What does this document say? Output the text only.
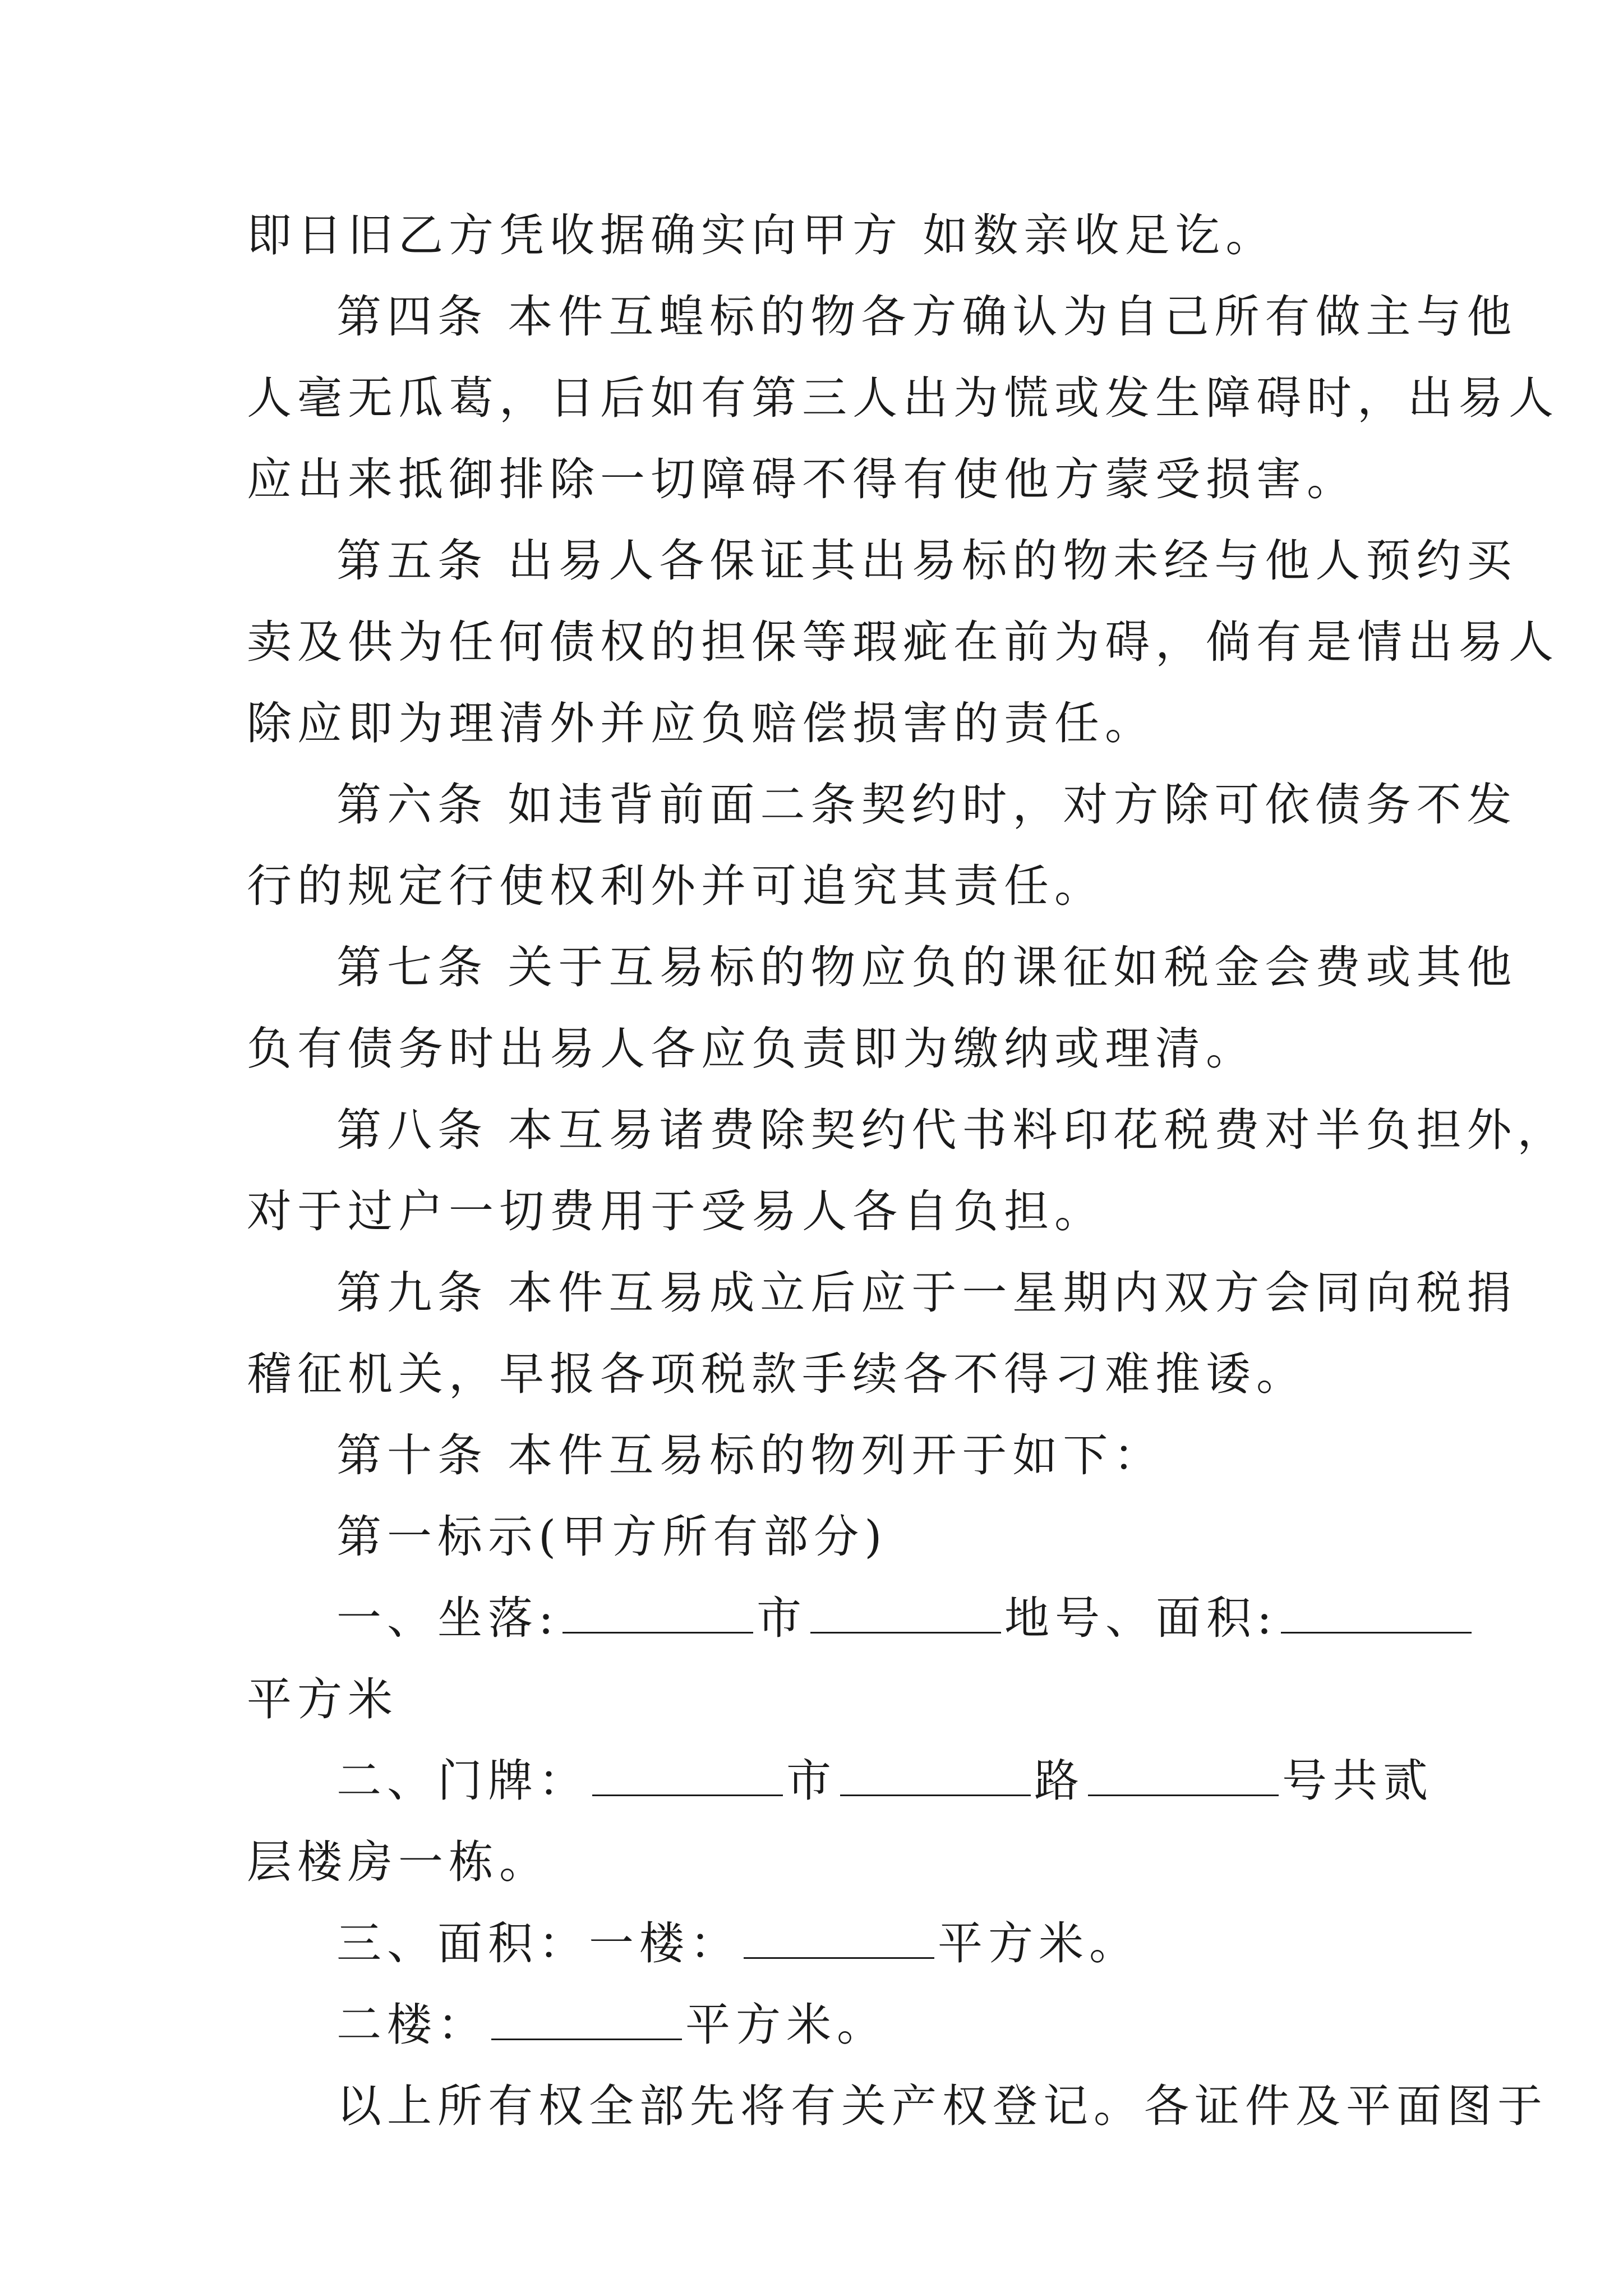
即日旧乙方凭收据确实向甲方 如数亲收足讫。
第四条 本件互蝗标的物各方确认为自己所有做主与他
人毫无瓜葛，日后如有第三人出为慌或发生障碍时，出易人
应出来抵御排除一切障碍不得有使他方蒙受损害。
第五条 出易人各保证其出易标的物未经与他人预约买
卖及供为任何债权的担保等瑕疵在前为碍，倘有是情出易人
除应即为理清外并应负赔偿损害的责任。
第六条 如违背前面二条契约时，对方除可依债务不发
行的规定行使权利外并可追究其责任。
第七条 关于互易标的物应负的课征如税金会费或其他
负有债务时出易人各应负责即为缴纳或理清。
第八条 本互易诸费除契约代书料印花税费对半负担外，
对于过户一切费用于受易人各自负担。
第九条 本件互易成立后应于一星期内双方会同向税捐
稽征机关，早报各项税款手续各不得刁难推诿。
第十条 本件互易标的物列开于如下：
第一标示(甲方所有部分)
一、坐落:	市	地号、面积:
平方米
二、门牌：	市	路	号共贰
层楼房一栋。
三、面积：一楼：	平方米。
二楼：	平方米。
以上所有权全部先将有关产权登记。各证件及平面图于
